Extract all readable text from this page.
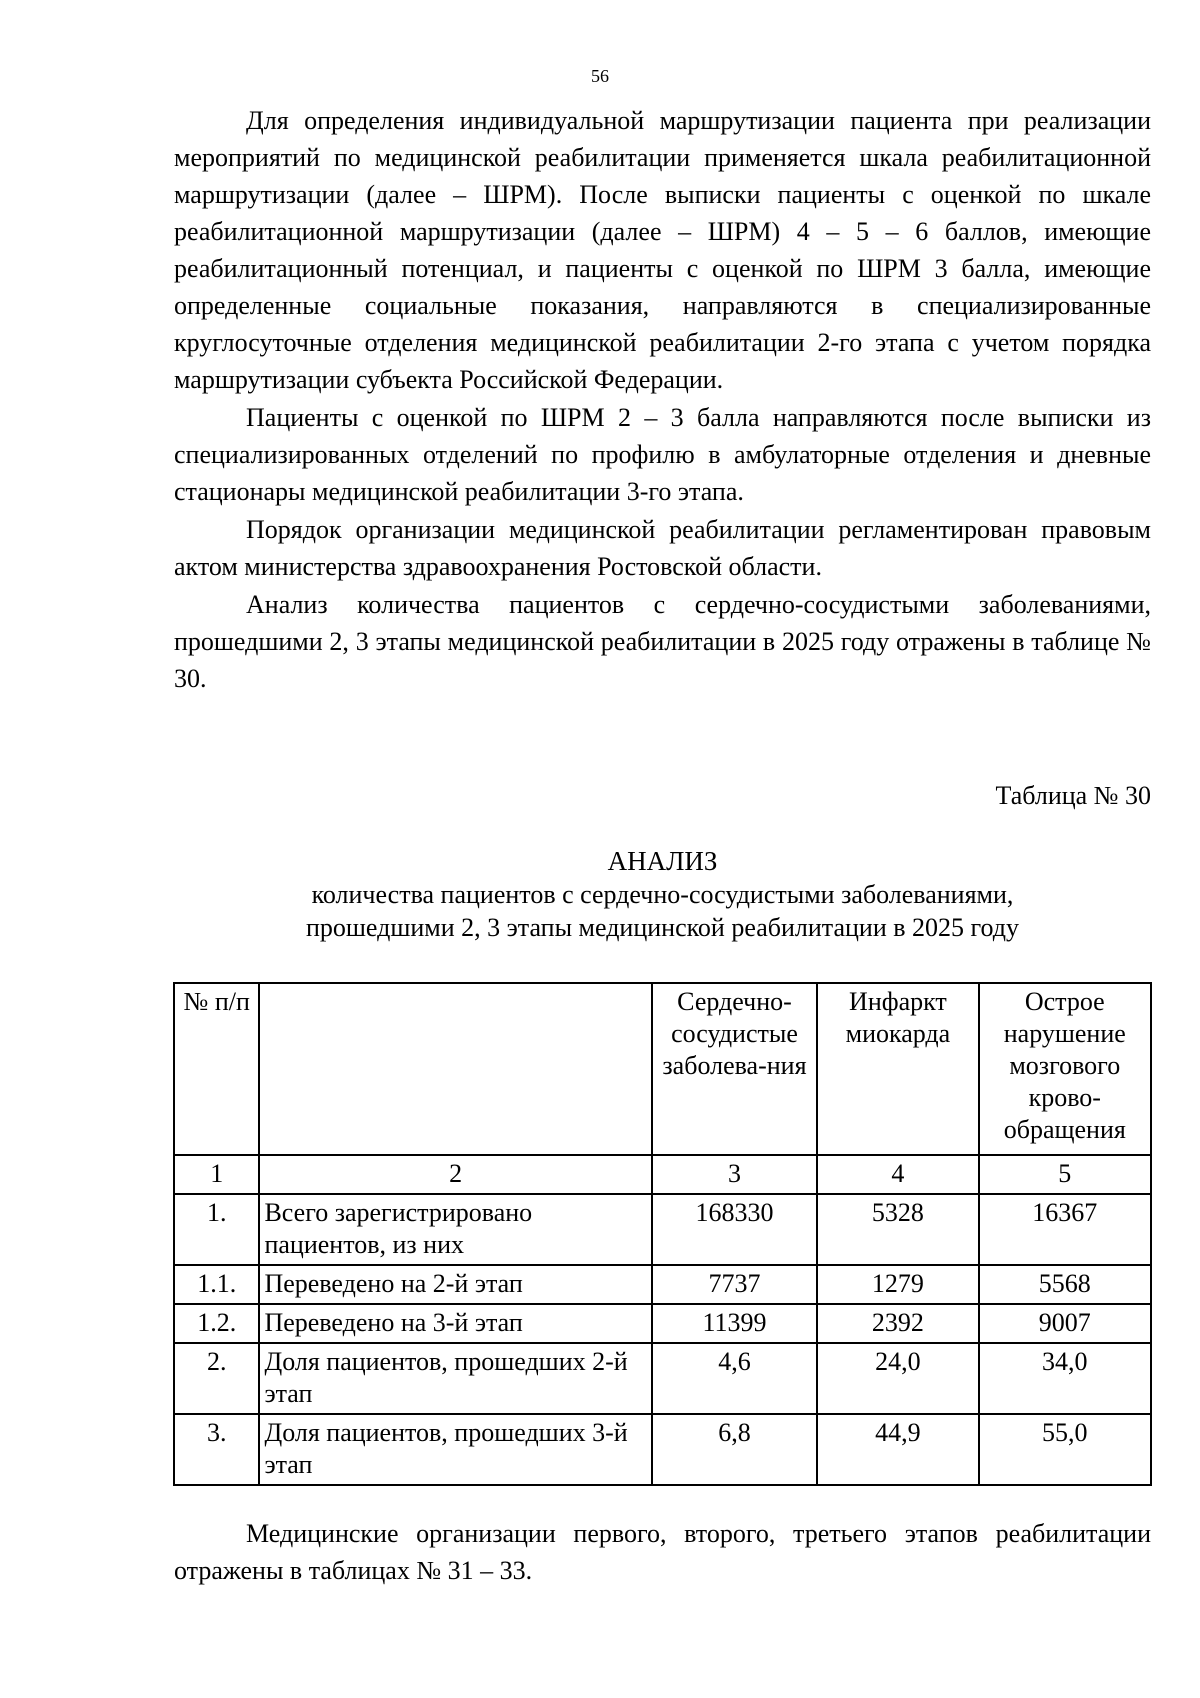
56

Для определения индивидуальной маршрутизации пациента при реализации мероприятий по медицинской реабилитации применяется шкала реабилитационной маршрутизации (далее – ШРМ). После выписки пациенты с оценкой по шкале реабилитационной маршрутизации (далее – ШРМ) 4 – 5 – 6 баллов, имеющие реабилитационный потенциал, и пациенты с оценкой по ШРМ 3 балла, имеющие определенные социальные показания, направляются в специализированные круглосуточные отделения медицинской реабилитации 2-го этапа с учетом порядка маршрутизации субъекта Российской Федерации.

Пациенты с оценкой по ШРМ 2 – 3 балла направляются после выписки из специализированных отделений по профилю в амбулаторные отделения и дневные стационары медицинской реабилитации 3-го этапа.

Порядок организации медицинской реабилитации регламентирован правовым актом министерства здравоохранения Ростовской области.

Анализ количества пациентов с сердечно-сосудистыми заболеваниями, прошедшими 2, 3 этапы медицинской реабилитации в 2025 году отражены в таблице № 30.

Таблица № 30
АНАЛИЗ
количества пациентов с сердечно-сосудистыми заболеваниями,
прошедшими 2, 3 этапы медицинской реабилитации в 2025 году
№ п/п		Сердечно-сосудистые заболева-ния	Инфаркт миокарда	Острое нарушение мозгового крово-обращения
1	2	3	4	5
1.	Всего зарегистрировано пациентов, из них	168330	5328	16367
1.1.	Переведено на 2-й этап	7737	1279	5568
1.2.	Переведено на 3-й этап	11399	2392	9007
2.	Доля пациентов, прошедших 2-й этап	4,6	24,0	34,0
3.	Доля пациентов, прошедших 3-й этап	6,8	44,9	55,0

Медицинские организации первого, второго, третьего этапов реабилитации отражены в таблицах № 31 – 33.
